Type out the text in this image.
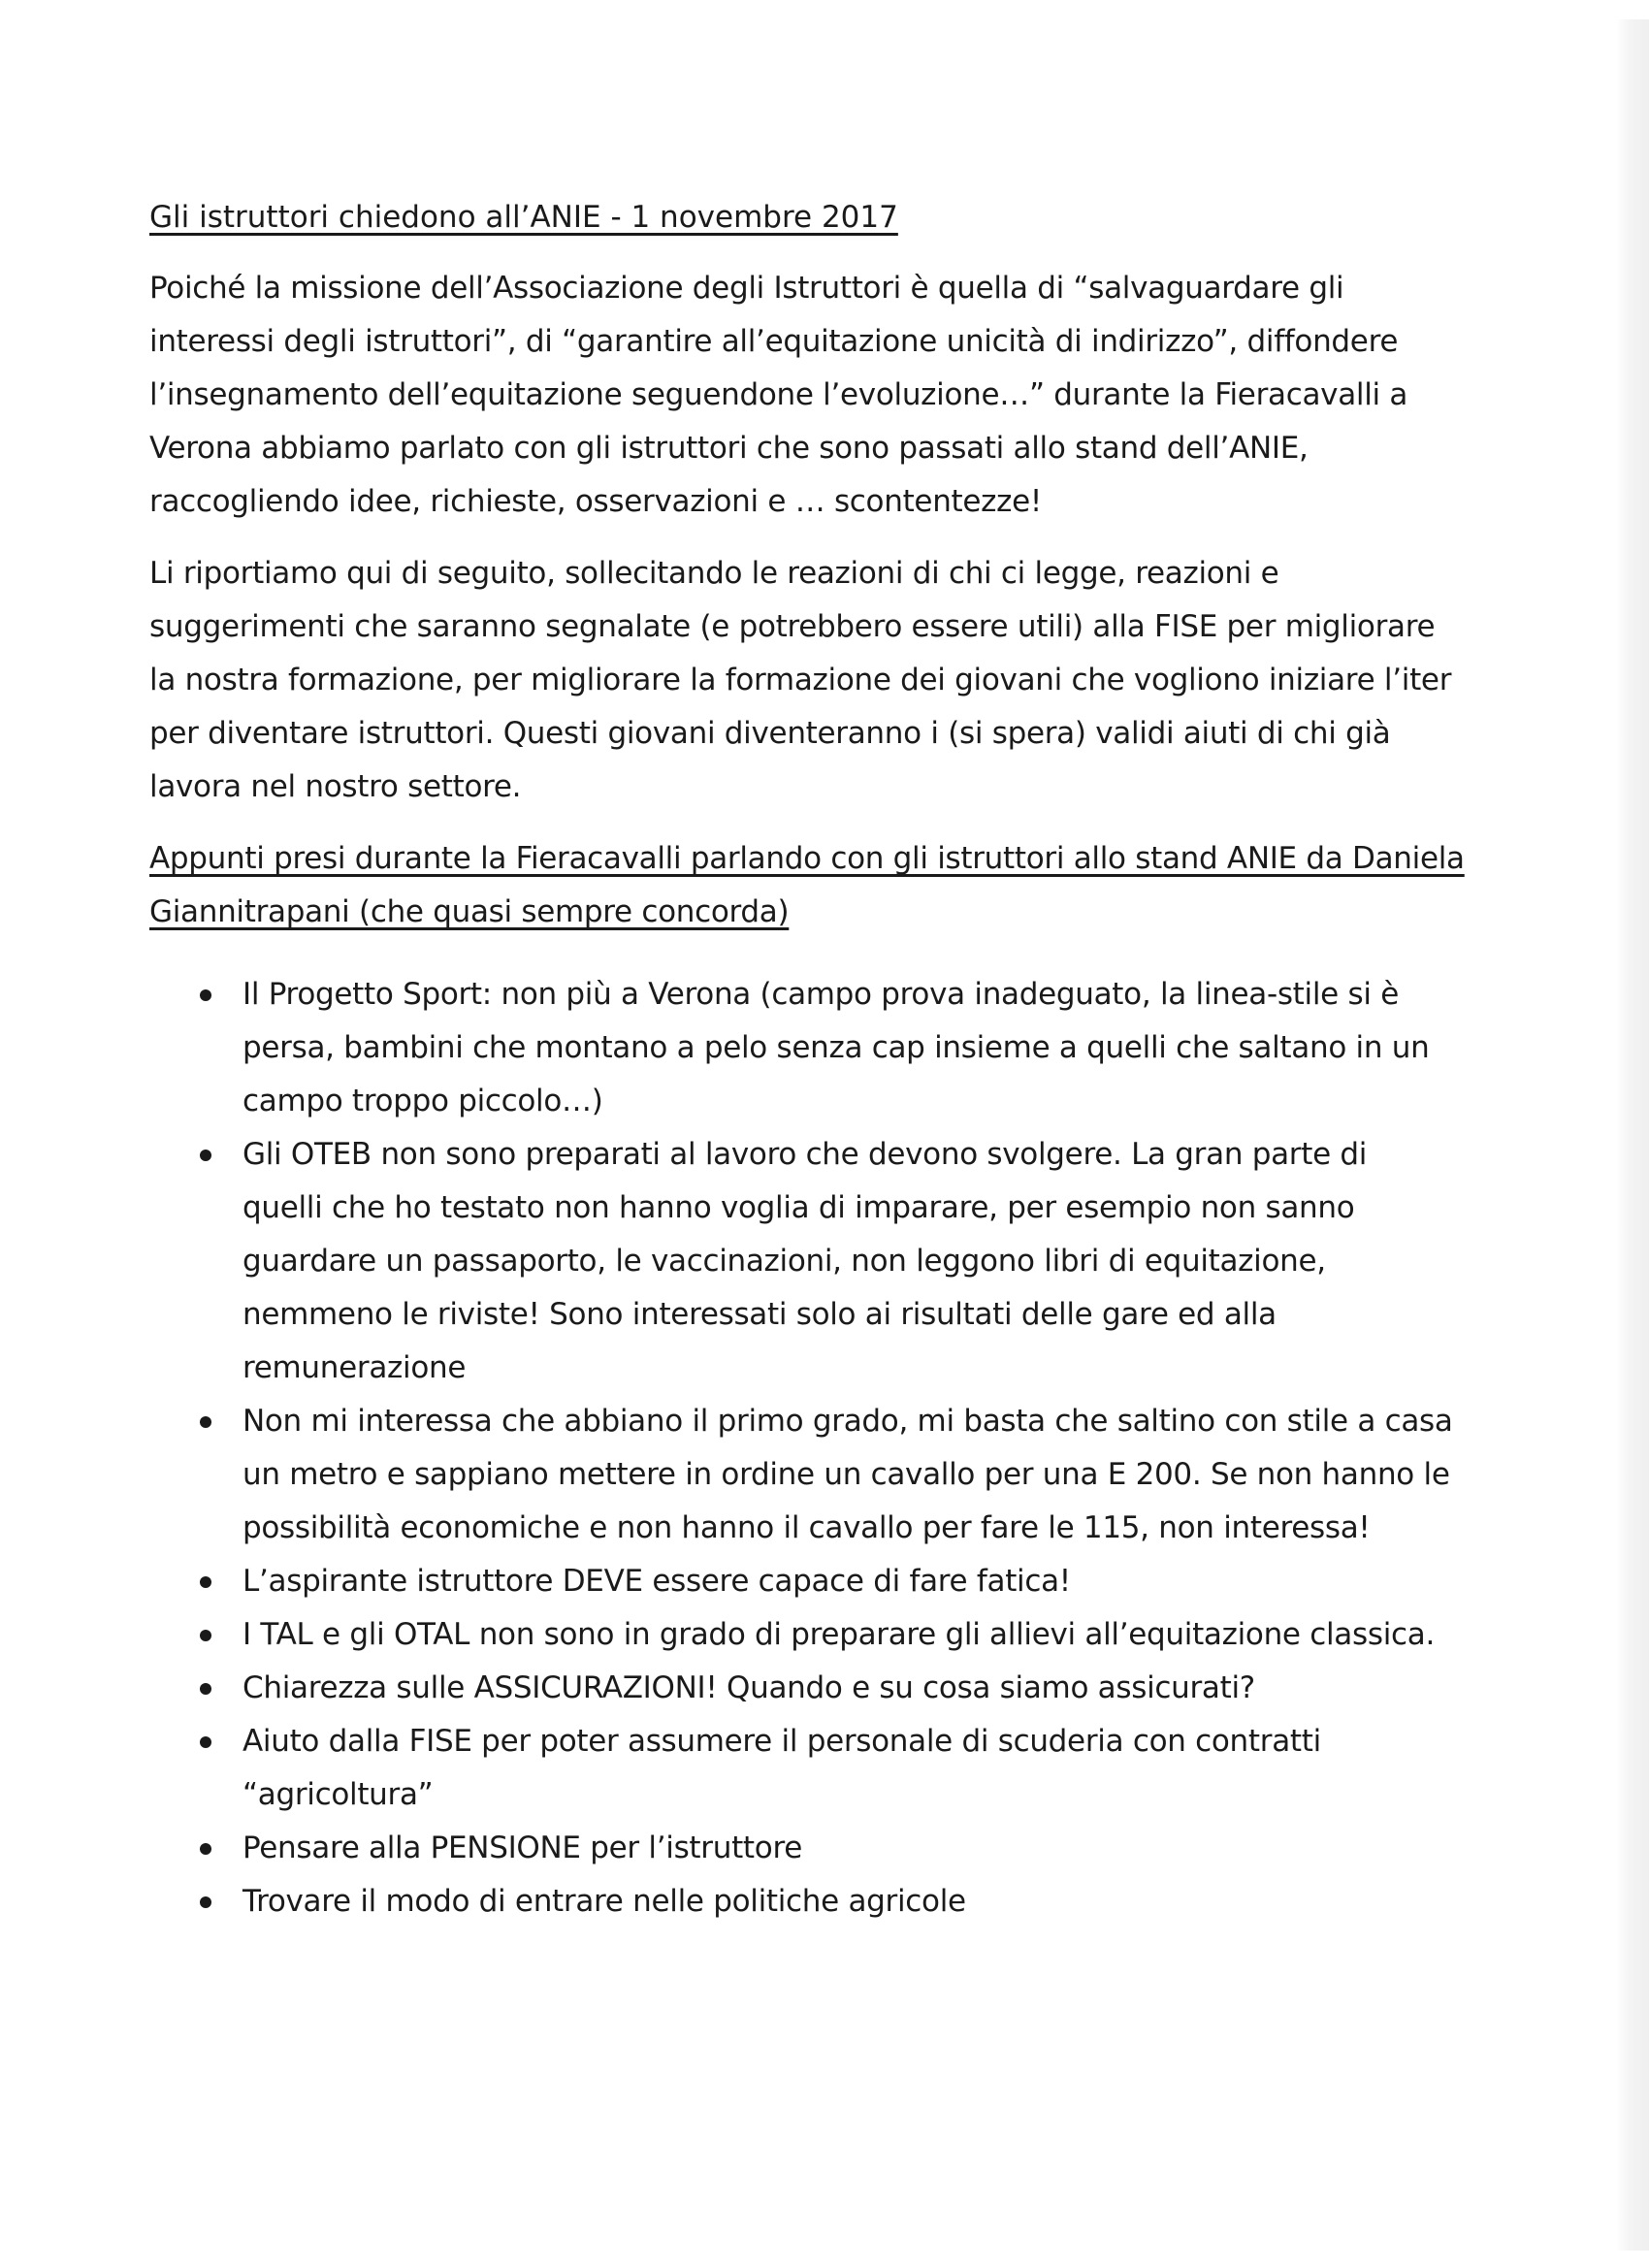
Gli istruttori chiedono all’ANIE - 1 novembre 2017

Poiché la missione dell’Associazione degli Istruttori è quella di “salvaguardare gli interessi degli istruttori”, di “garantire all’equitazione unicità di indirizzo”, diffondere l’insegnamento dell’equitazione seguendone l’evoluzione…” durante la Fieracavalli a Verona abbiamo parlato con gli istruttori che sono passati allo stand dell’ANIE, raccogliendo idee, richieste, osservazioni e … scontentezze!

Li riportiamo qui di seguito, sollecitando le reazioni di chi ci legge, reazioni e suggerimenti che saranno segnalate (e potrebbero essere utili) alla FISE per migliorare la nostra formazione, per migliorare la formazione dei giovani che vogliono iniziare l’iter per diventare istruttori. Questi giovani diventeranno i (si spera) validi aiuti di chi già lavora nel nostro settore.

Appunti presi durante la Fieracavalli parlando con gli istruttori allo stand ANIE da Daniela Giannitrapani (che quasi sempre concorda)

Il Progetto Sport: non più a Verona (campo prova inadeguato, la linea-stile si è persa, bambini che montano a pelo senza cap insieme a quelli che saltano in un campo troppo piccolo…)
Gli OTEB non sono preparati al lavoro che devono svolgere. La gran parte di quelli che ho testato non hanno voglia di imparare, per esempio non sanno guardare un passaporto, le vaccinazioni, non leggono libri di equitazione, nemmeno le riviste! Sono interessati solo ai risultati delle gare ed alla remunerazione
Non mi interessa che abbiano il primo grado, mi basta che saltino con stile a casa un metro e sappiano mettere in ordine un cavallo per una E 200. Se non hanno le possibilità economiche e non hanno il cavallo per fare le 115, non interessa!
L’aspirante istruttore DEVE essere capace di fare fatica!
I TAL e gli OTAL non sono in grado di preparare gli allievi all’equitazione classica.
Chiarezza sulle ASSICURAZIONI! Quando e su cosa siamo assicurati?
Aiuto dalla FISE per poter assumere il personale di scuderia con contratti “agricoltura”
Pensare alla PENSIONE per l’istruttore
Trovare il modo di entrare nelle politiche agricole
